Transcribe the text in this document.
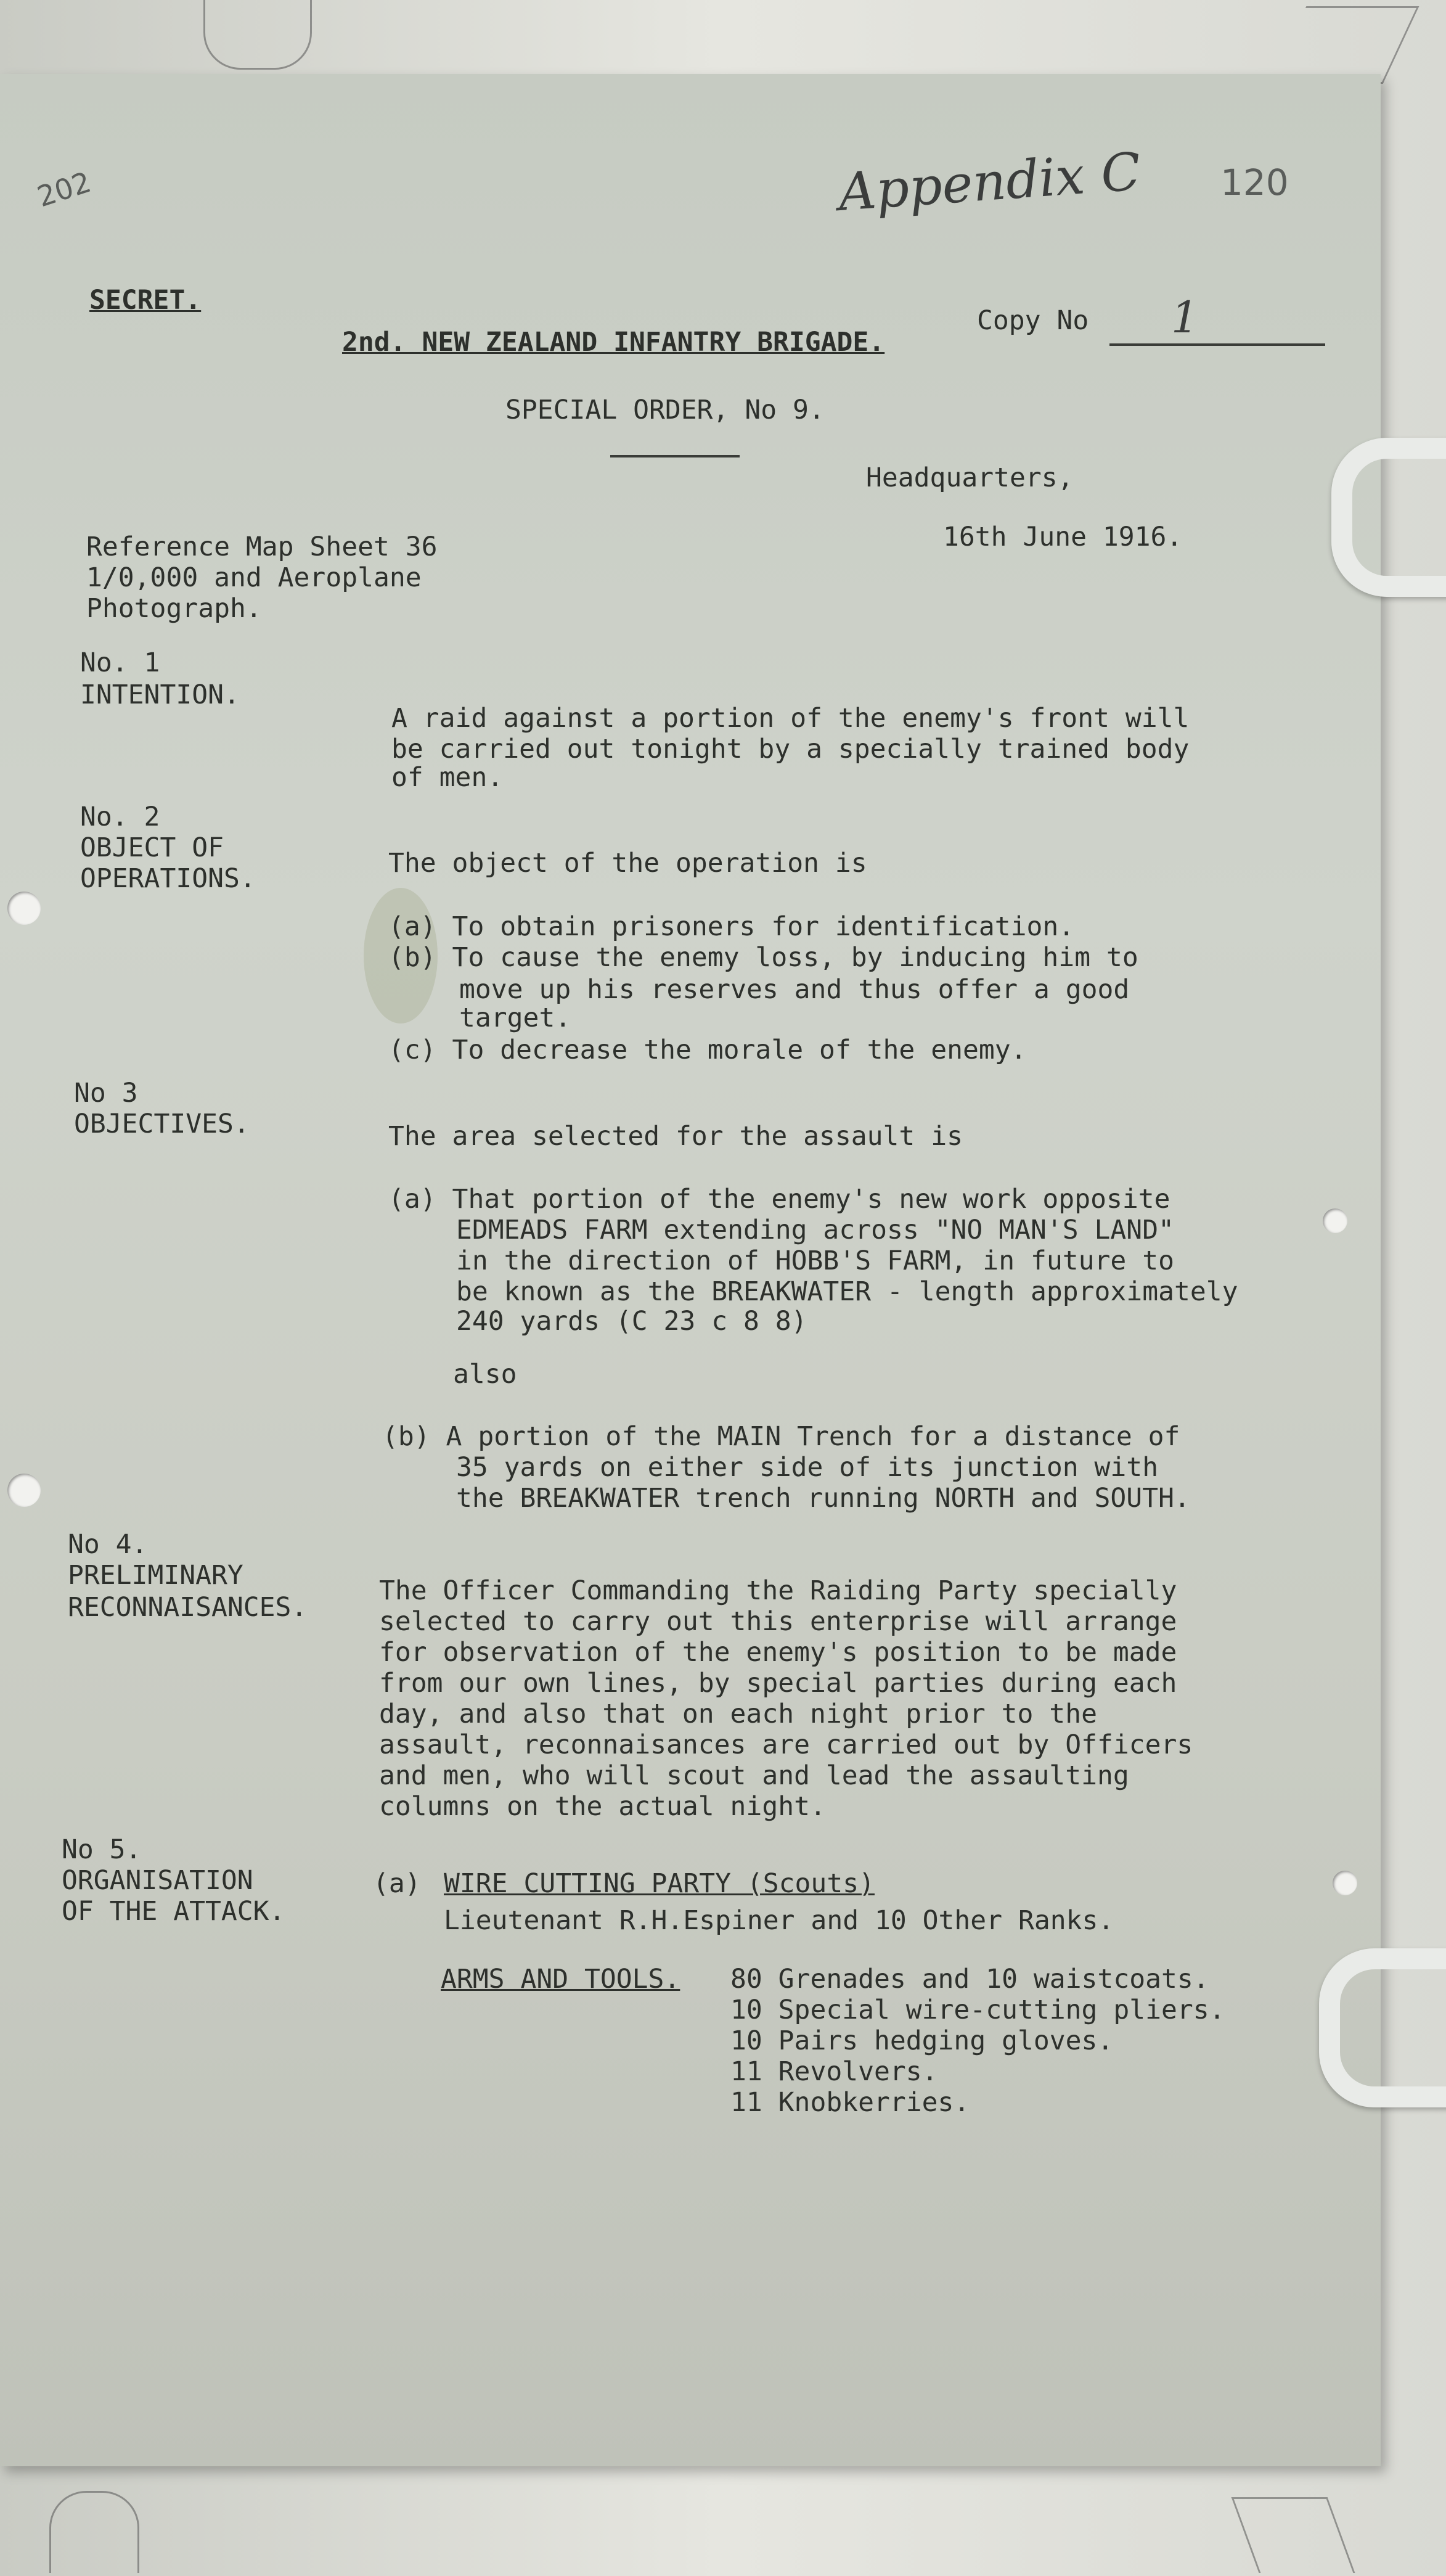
Appendix C 120
202

SECRET.

Copy No 1

2nd. NEW ZEALAND INFANTRY BRIGADE.

SPECIAL ORDER, No 9.

Headquarters,

16th June 1916.

Reference Map Sheet 36

1/0,000 and Aeroplane

Photograph.

No. 1

INTENTION.

A raid against a portion of the enemy's front will

be carried out tonight by a specially trained body

of men.

No. 2

OBJECT OF

OPERATIONS.	The object of the operation is

(a) To obtain prisoners for identification.

(b) To cause the enemy loss, by inducing him to

move up his reserves and thus offer a good

target.

(c) To decrease the morale of the enemy.

No 3

OBJECTIVES.	The area selected for the assault is

(a) That portion of the enemy's new work opposite

EDMEADS FARM extending across "NO MAN'S LAND"

in the direction of HOBB'S FARM, in future to

be known as the BREAKWATER - length approximately

240 yards (C 23 c 8 8)

also

(b) A portion of the MAIN Trench for a distance of

35 yards on either side of its junction with

the BREAKWATER trench running NORTH and SOUTH.

No 4.

PRELIMINARY

RECONNAISANCES.

The Officer Commanding the Raiding Party specially

selected to carry out this enterprise will arrange

for observation of the enemy's position to be made

from our own lines, by special parties during each

day, and also that on each night prior to the

assault, reconnaisances are carried out by Officers

and men, who will scout and lead the assaulting

columns on the actual night.

No 5.

ORGANISATION

OF THE ATTACK.

(a) WIRE CUTTING PARTY (Scouts)

Lieutenant R.H.Espiner and 10 Other Ranks.

ARMS AND TOOLS. 80 Grenades and 10 waistcoats.

10 Special wire-cutting pliers.

10 Pairs hedging gloves.

11 Revolvers.

11 Knobkerries.
